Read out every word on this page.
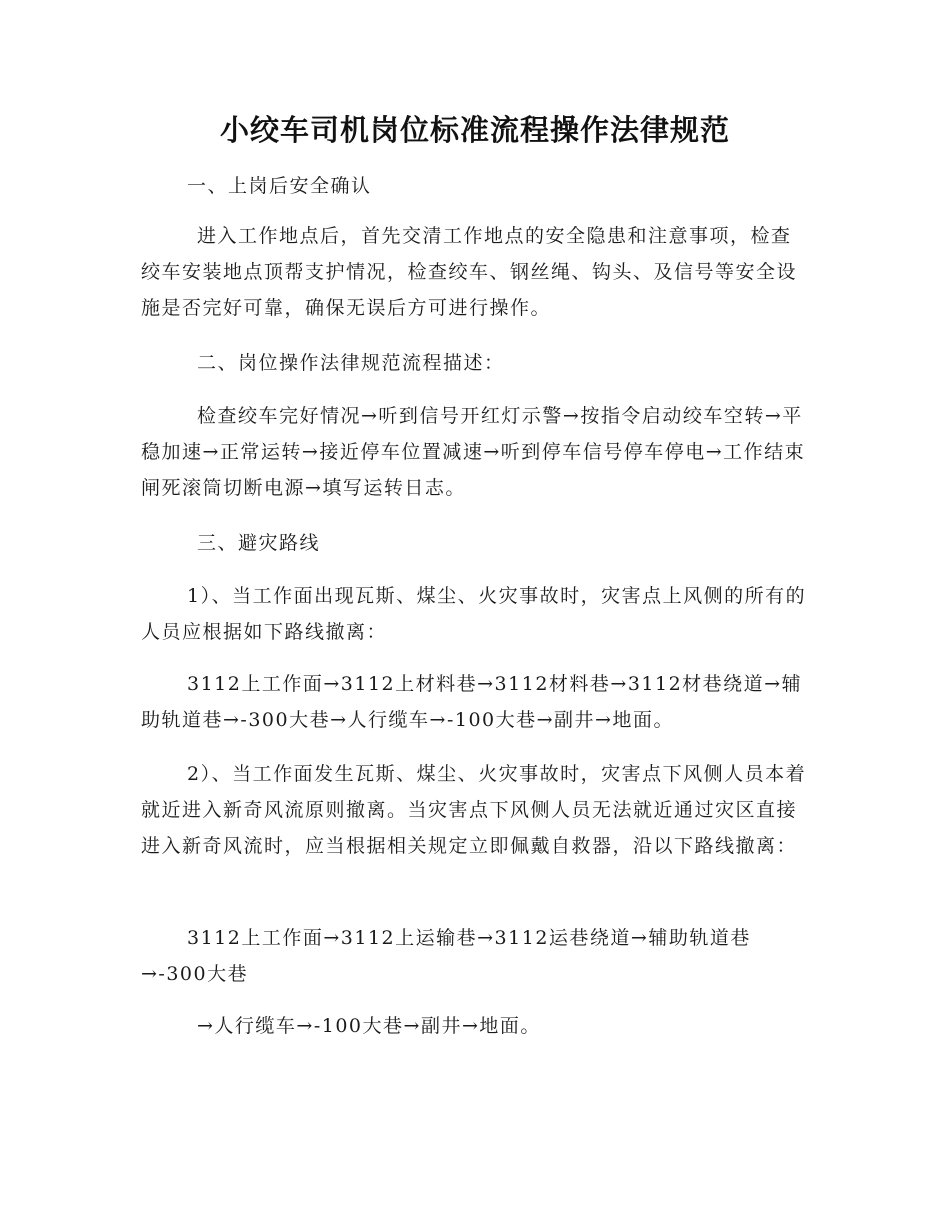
小绞车司机岗位标准流程操作法律规范

一、上岗后安全确认

进入工作地点后，首先交清工作地点的安全隐患和注意事项，检查绞车安装地点顶帮支护情况，检查绞车、钢丝绳、钩头、及信号等安全设施是否完好可靠，确保无误后方可进行操作。

二、岗位操作法律规范流程描述：

检查绞车完好情况→听到信号开红灯示警→按指令启动绞车空转→平稳加速→正常运转→接近停车位置减速→听到停车信号停车停电→工作结束闸死滚筒切断电源→填写运转日志。

三、避灾路线

1）、当工作面出现瓦斯、煤尘、火灾事故时，灾害点上风侧的所有的人员应根据如下路线撤离：

3112上工作面→3112上材料巷→3112材料巷→3112材巷绕道→辅助轨道巷→-300大巷→人行缆车→-100大巷→副井→地面。

2）、当工作面发生瓦斯、煤尘、火灾事故时，灾害点下风侧人员本着就近进入新奇风流原则撤离。当灾害点下风侧人员无法就近通过灾区直接进入新奇风流时，应当根据相关规定立即佩戴自救器，沿以下路线撤离：

3112上工作面→3112上运输巷→3112运巷绕道→辅助轨道巷→-300大巷

→人行缆车→-100大巷→副井→地面。
